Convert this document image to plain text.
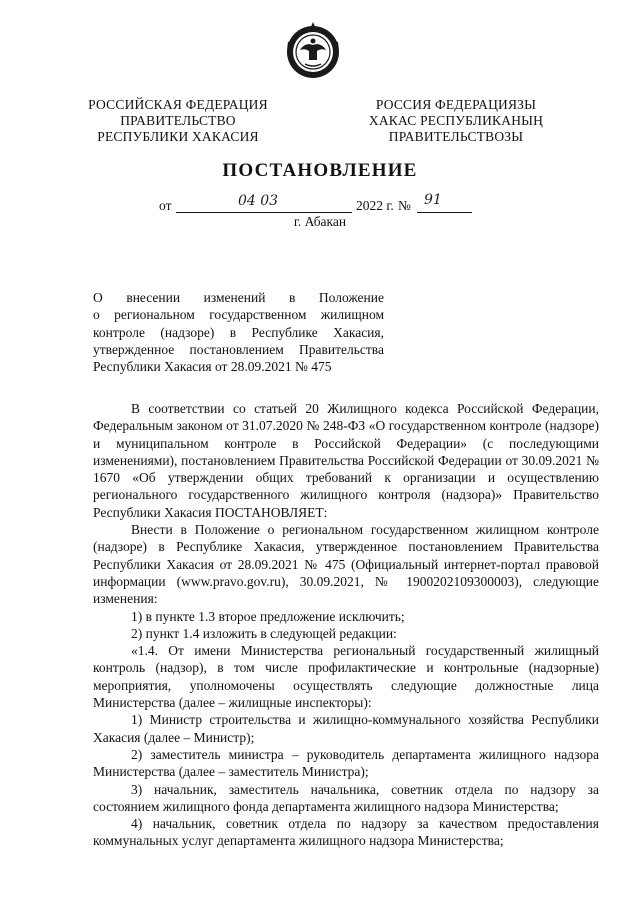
РОССИЙСКАЯ ФЕДЕРАЦИЯ
ПРАВИТЕЛЬСТВО
РЕСПУБЛИКИ ХАКАСИЯ
РОССИЯ ФЕДЕРАЦИЯЗЫ
ХАКАС РЕСПУБЛИКАНЫҢ
ПРАВИТЕЛЬСТВОЗЫ
ПОСТАНОВЛЕНИЕ
от	04 03	2022 г. № 91
г. Абакан

О внесении изменений в Положение

о региональном государственном жилищном

контроле (надзоре) в Республике Хакасия,

утвержденное постановлением Правительства

Республики Хакасия от 28.09.2021 № 475

В соответствии со статьей 20 Жилищного кодекса Российской Федерации, Федеральным законом от 31.07.2020 № 248-ФЗ «О государственном контроле (надзоре) и муниципальном контроле в Российской Федерации» (с последующими изменениями), постановлением Правительства Российской Федерации от 30.09.2021 № 1670 «Об утверждении общих требований к организации и осуществлению регионального государственного жилищного контроля (надзора)» Правительство Республики Хакасия ПОСТАНОВЛЯЕТ:

Внести в Положение о региональном государственном жилищном контроле (надзоре) в Республике Хакасия, утвержденное постановлением Правительства Республики Хакасия от 28.09.2021 № 475 (Официальный интернет-портал правовой информации (www.pravo.gov.ru), 30.09.2021, № 1900202109300003), следующие изменения:

1) в пункте 1.3 второе предложение исключить;

2) пункт 1.4 изложить в следующей редакции:

«1.4. От имени Министерства региональный государственный жилищный контроль (надзор), в том числе профилактические и контрольные (надзорные) мероприятия, уполномочены осуществлять следующие должностные лица Министерства (далее – жилищные инспекторы):

1) Министр строительства и жилищно-коммунального хозяйства Республики Хакасия (далее – Министр);

2) заместитель министра – руководитель департамента жилищного надзора Министерства (далее – заместитель Министра);

3) начальник, заместитель начальника, советник отдела по надзору за состоянием жилищного фонда департамента жилищного надзора Министерства;

4) начальник, советник отдела по надзору за качеством предоставления коммунальных услуг департамента жилищного надзора Министерства;
